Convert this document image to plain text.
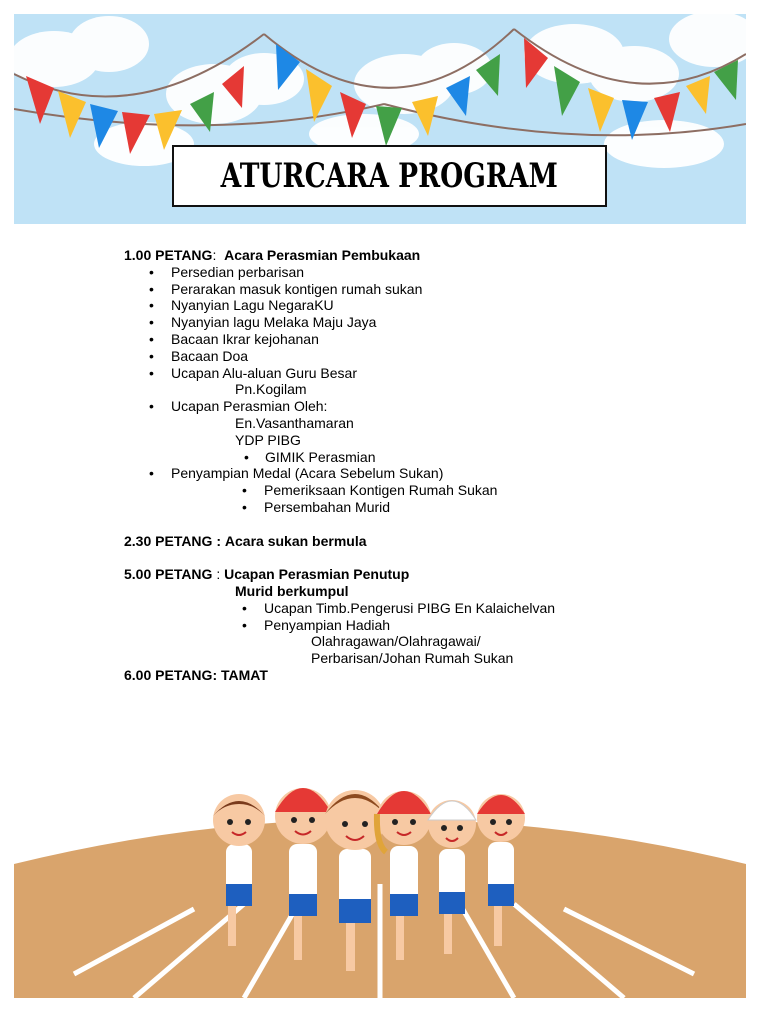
ATURCARA PROGRAM
1.00 PETANG: Acara Perasmian Pembukaan
• Persedian perbarisan
• Perarakan masuk kontigen rumah sukan
• Nyanyian Lagu NegaraKU
• Nyanyian lagu Melaka Maju Jaya
• Bacaan Ikrar kejohanan
• Bacaan Doa
• Ucapan Alu-aluan Guru Besar
Pn.Kogilam
• Ucapan Perasmian Oleh:
En.Vasanthamaran
YDP PIBG
• GIMIK Perasmian
• Penyampian Medal (Acara Sebelum Sukan)
• Pemeriksaan Kontigen Rumah Sukan
• Persembahan Murid
2.30 PETANG : Acara sukan bermula
5.00 PETANG : Ucapan Perasmian Penutup
Murid berkumpul
• Ucapan Timb.Pengerusi PIBG En Kalaichelvan
• Penyampian Hadiah
Olahragawan/Olahragawai/
Perbarisan/Johan Rumah Sukan
6.00 PETANG: TAMAT
